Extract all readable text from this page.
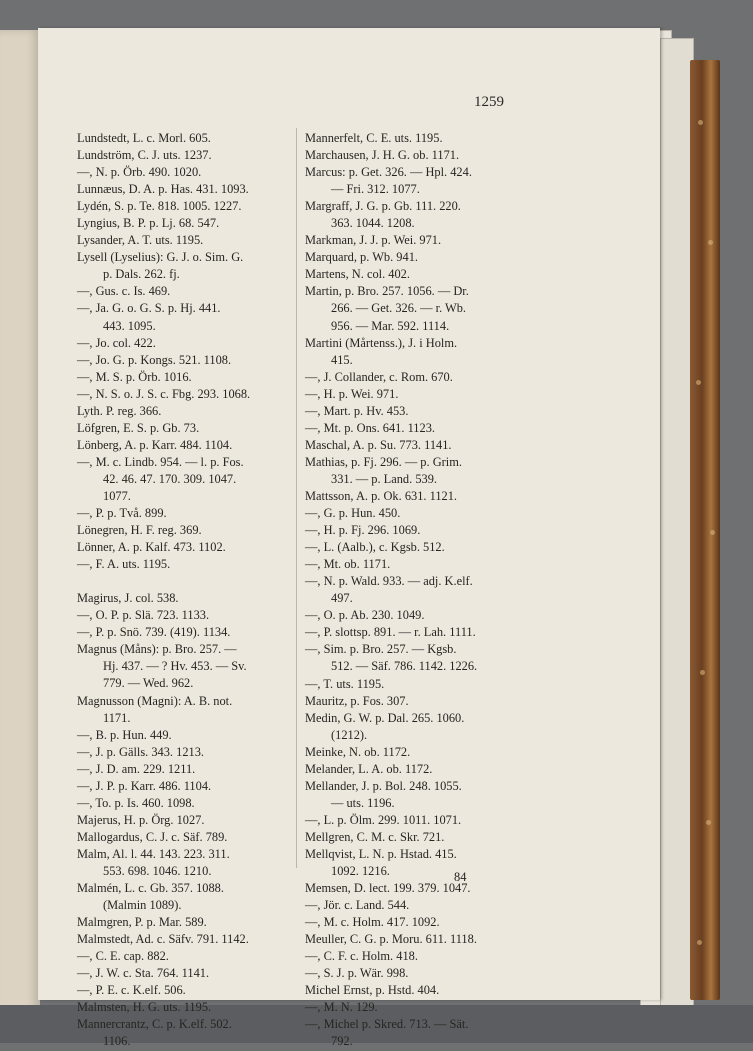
1259
Lundstedt, L. c. Morl. 605.
Lundström, C. J. uts. 1237.
—, N. p. Örb. 490. 1020.
Lunnæus, D. A. p. Has. 431. 1093.
Lydén, S. p. Te. 818. 1005. 1227.
Lyngius, B. P. p. Lj. 68. 547.
Lysander, A. T. uts. 1195.
Lysell (Lyselius): G. J. o. Sim. G.
p. Dals. 262. fj.
—, Gus. c. Is. 469.
—, Ja. G. o. G. S. p. Hj. 441.
443. 1095.
—, Jo. col. 422.
—, Jo. G. p. Kongs. 521. 1108.
—, M. S. p. Örb. 1016.
—, N. S. o. J. S. c. Fbg. 293. 1068.
Lyth. P. reg. 366.
Löfgren, E. S. p. Gb. 73.
Lönberg, A. p. Karr. 484. 1104.
—, M. c. Lindb. 954. — l. p. Fos.
42. 46. 47. 170. 309. 1047.
1077.
—, P. p. Två. 899.
Lönegren, H. F. reg. 369.
Lönner, A. p. Kalf. 473. 1102.
—, F. A. uts. 1195.
Magirus, J. col. 538.
—, O. P. p. Slä. 723. 1133.
—, P. p. Snö. 739. (419). 1134.
Magnus (Måns): p. Bro. 257. —
Hj. 437. — ? Hv. 453. — Sv.
779. — Wed. 962.
Magnusson (Magni): A. B. not.
1171.
—, B. p. Hun. 449.
—, J. p. Gälls. 343. 1213.
—, J. D. am. 229. 1211.
—, J. P. p. Karr. 486. 1104.
—, To. p. Is. 460. 1098.
Majerus, H. p. Örg. 1027.
Mallogardus, C. J. c. Säf. 789.
Malm, Al. l. 44. 143. 223. 311.
553. 698. 1046. 1210.
Malmén, L. c. Gb. 357. 1088.
(Malmin 1089).
Malmgren, P. p. Mar. 589.
Malmstedt, Ad. c. Säfv. 791. 1142.
—, C. E. cap. 882.
—, J. W. c. Sta. 764. 1141.
—, P. E. c. K.elf. 506.
Malmsten, H. G. uts. 1195.
Mannercrantz, C. p. K.elf. 502.
1106.
Mannerfelt, C. E. uts. 1195.
Marchausen, J. H. G. ob. 1171.
Marcus: p. Get. 326. — Hpl. 424.
— Fri. 312. 1077.
Margraff, J. G. p. Gb. 111. 220.
363. 1044. 1208.
Markman, J. J. p. Wei. 971.
Marquard, p. Wb. 941.
Martens, N. col. 402.
Martin, p. Bro. 257. 1056. — Dr.
266. — Get. 326. — r. Wb.
956. — Mar. 592. 1114.
Martini (Mårtenss.), J. i Holm.
415.
—, J. Collander, c. Rom. 670.
—, H. p. Wei. 971.
—, Mart. p. Hv. 453.
—, Mt. p. Ons. 641. 1123.
Maschal, A. p. Su. 773. 1141.
Mathias, p. Fj. 296. — p. Grim.
331. — p. Land. 539.
Mattsson, A. p. Ok. 631. 1121.
—, G. p. Hun. 450.
—, H. p. Fj. 296. 1069.
—, L. (Aalb.), c. Kgsb. 512.
—, Mt. ob. 1171.
—, N. p. Wald. 933. — adj. K.elf.
497.
—, O. p. Ab. 230. 1049.
—, P. slottsp. 891. — r. Lah. 1111.
—, Sim. p. Bro. 257. — Kgsb.
512. — Säf. 786. 1142. 1226.
—, T. uts. 1195.
Mauritz, p. Fos. 307.
Medin, G. W. p. Dal. 265. 1060.
(1212).
Meinke, N. ob. 1172.
Melander, L. A. ob. 1172.
Mellander, J. p. Bol. 248. 1055.
— uts. 1196.
—, L. p. Ölm. 299. 1011. 1071.
Mellgren, C. M. c. Skr. 721.
Mellqvist, L. N. p. Hstad. 415.
1092. 1216.
Memsen, D. lect. 199. 379. 1047.
—, Jör. c. Land. 544.
—, M. c. Holm. 417. 1092.
Meuller, C. G. p. Moru. 611. 1118.
—, C. F. c. Holm. 418.
—, S. J. p. Wär. 998.
Michel Ernst, p. Hstd. 404.
—, M. N. 129.
—, Michel p. Skred. 713. — Sät.
792.
84
